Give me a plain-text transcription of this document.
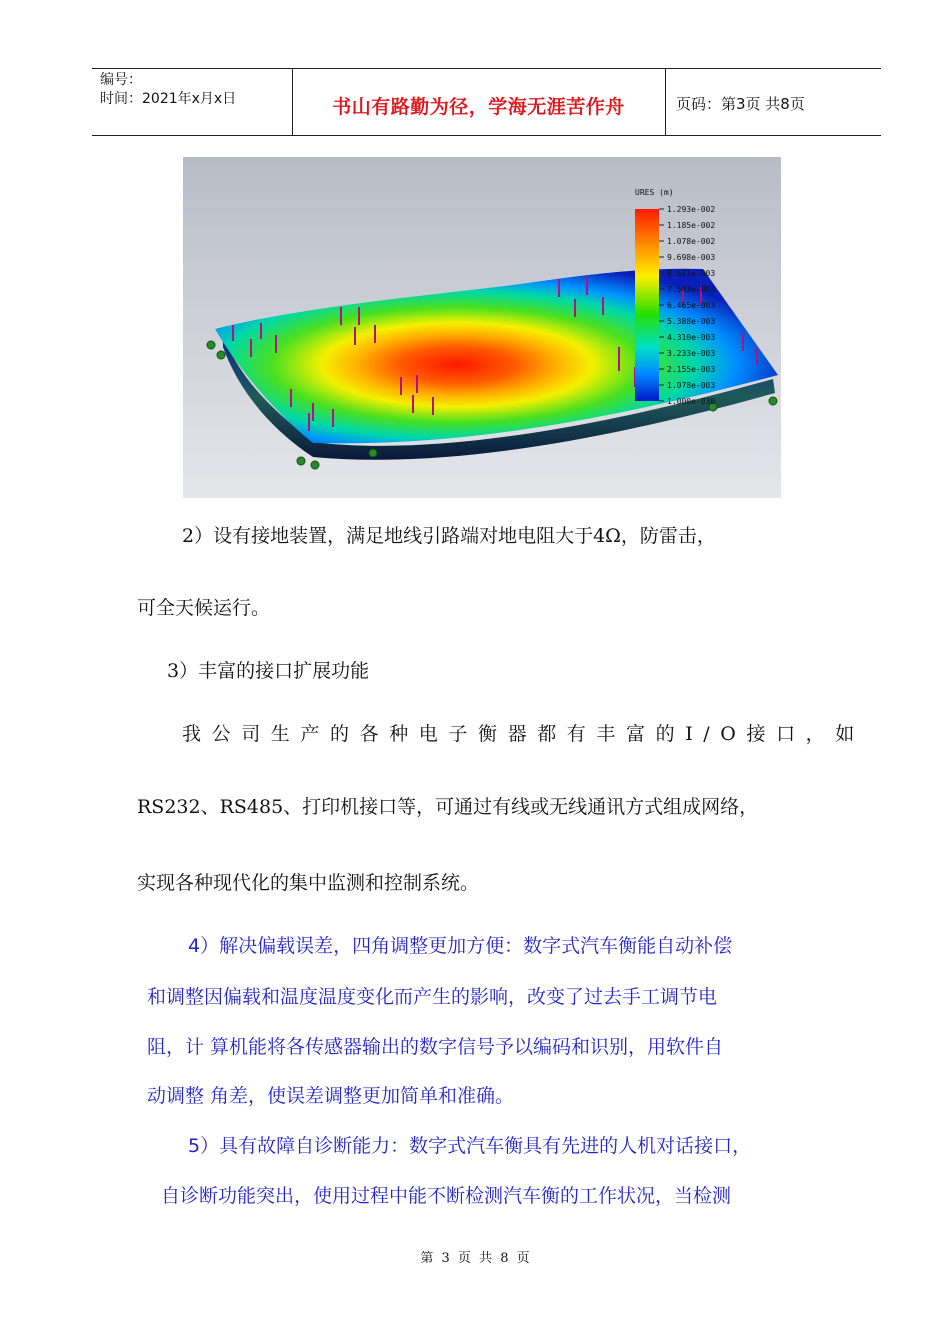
编号：
时间：2021年x月x日	书山有路勤为径，学海无涯苦作舟	页码：第3页 共8页
URES (m)
1.293e-002
1.185e-002
1.078e-002
9.698e-003
8.621e-003
7.543e-003
6.465e-003
5.388e-003
4.310e-003
3.233e-003
2.155e-003
1.078e-003
1.000e-030
2）设有接地装置，满足地线引路端对地电阻大于4Ω，防雷击，
可全天候运行。
3）丰富的接口扩展功能
我公司生产的各种电子衡器都有丰富的I/O接口，如
RS232、RS485、打印机接口等，可通过有线或无线通讯方式组成网络，
实现各种现代化的集中监测和控制系统。
4）解决偏载误差，四角调整更加方便：数字式汽车衡能自动补偿
和调整因偏载和温度温度变化而产生的影响，改变了过去手工调节电
阻，计 算机能将各传感器输出的数字信号予以编码和识别，用软件自
动调整 角差，使误差调整更加简单和准确。
5）具有故障自诊断能力：数字式汽车衡具有先进的人机对话接口，
自诊断功能突出，使用过程中能不断检测汽车衡的工作状况，当检测
第 3 页 共 8 页
